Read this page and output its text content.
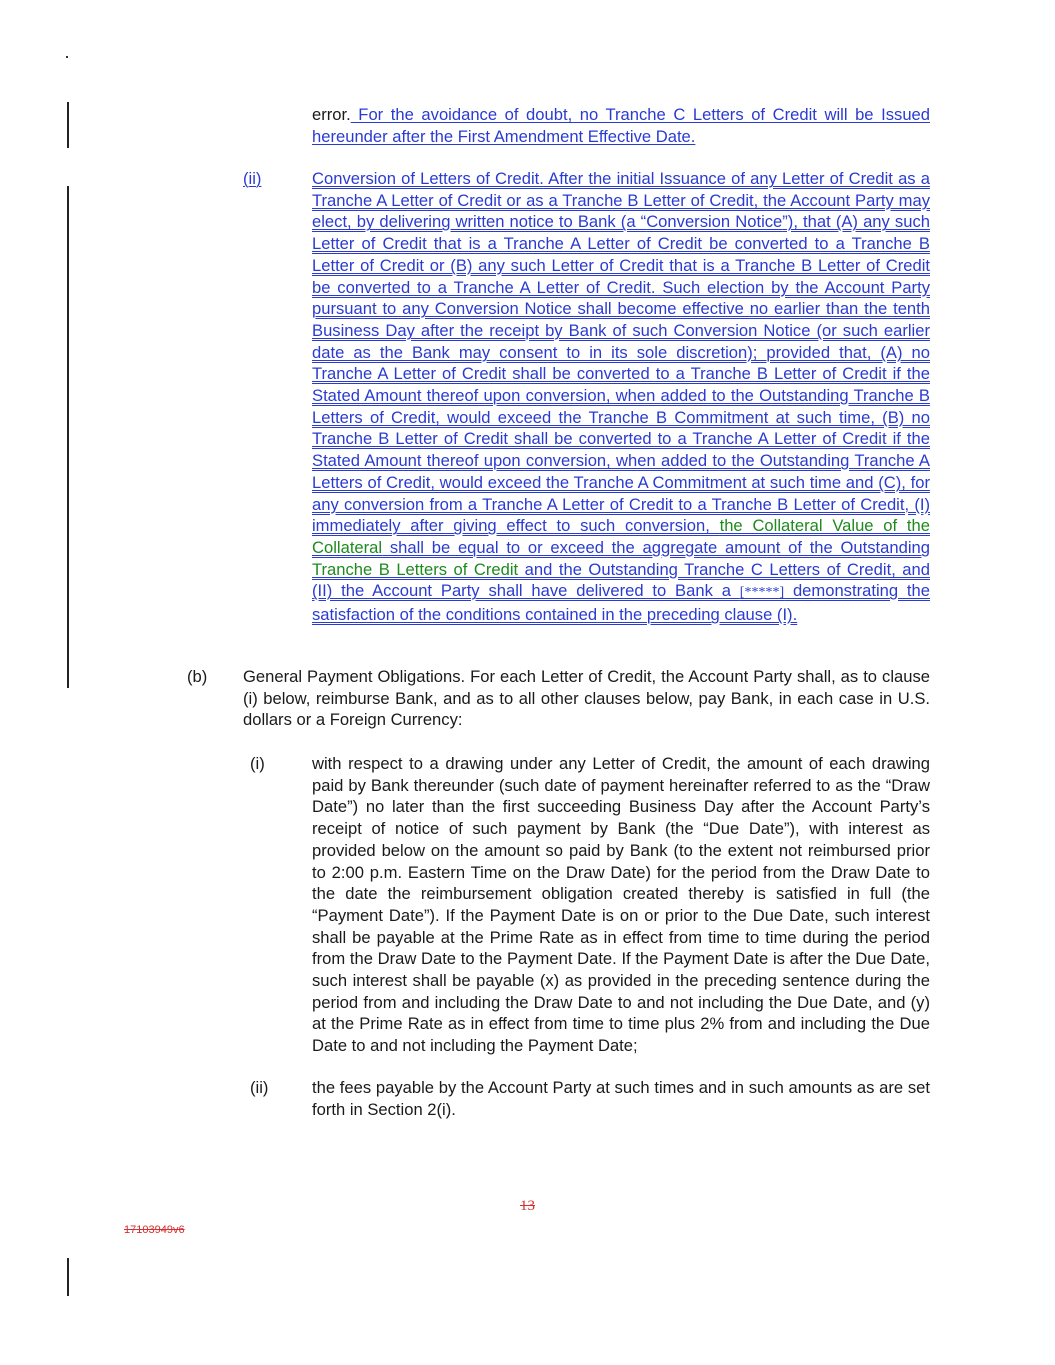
error. For the avoidance of doubt, no Tranche C Letters of Credit will be Issued hereunder after the First Amendment Effective Date.
(ii)	Conversion of Letters of Credit. After the initial Issuance of any Letter of Credit as a Tranche A Letter of Credit or as a Tranche B Letter of Credit, the Account Party may elect, by delivering written notice to Bank (a “Conversion Notice”), that (A) any such Letter of Credit that is a Tranche A Letter of Credit be converted to a Tranche B Letter of Credit or (B) any such Letter of Credit that is a Tranche B Letter of Credit be converted to a Tranche A Letter of Credit. Such election by the Account Party pursuant to any Conversion Notice shall become effective no earlier than the tenth Business Day after the receipt by Bank of such Conversion Notice (or such earlier date as the Bank may consent to in its sole discretion); provided that, (A) no Tranche A Letter of Credit shall be converted to a Tranche B Letter of Credit if the Stated Amount thereof upon conversion, when added to the Outstanding Tranche B Letters of Credit, would exceed the Tranche B Commitment at such time, (B) no Tranche B Letter of Credit shall be converted to a Tranche A Letter of Credit if the Stated Amount thereof upon conversion, when added to the Outstanding Tranche A Letters of Credit, would exceed the Tranche A Commitment at such time and (C), for any conversion from a Tranche A Letter of Credit to a Tranche B Letter of Credit, (I) immediately after giving effect to such conversion, the Collateral Value of the Collateral shall be equal to or exceed the aggregate amount of the Outstanding Tranche B Letters of Credit and the Outstanding Tranche C Letters of Credit, and (II) the Account Party shall have delivered to Bank a [*****] demonstrating the satisfaction of the conditions contained in the preceding clause (I).
(b) General Payment Obligations. For each Letter of Credit, the Account Party shall, as to clause (i) below, reimburse Bank, and as to all other clauses below, pay Bank, in each case in U.S. dollars or a Foreign Currency:
(i)	with respect to a drawing under any Letter of Credit, the amount of each drawing paid by Bank thereunder (such date of payment hereinafter referred to as the “Draw Date”) no later than the first succeeding Business Day after the Account Party’s receipt of notice of such payment by Bank (the “Due Date”), with interest as provided below on the amount so paid by Bank (to the extent not reimbursed prior to 2:00 p.m. Eastern Time on the Draw Date) for the period from the Draw Date to the date the reimbursement obligation created thereby is satisfied in full (the “Payment Date”). If the Payment Date is on or prior to the Due Date, such interest shall be payable at the Prime Rate as in effect from time to time during the period from the Draw Date to the Payment Date. If the Payment Date is after the Due Date, such interest shall be payable (x) as provided in the preceding sentence during the period from and including the Draw Date to and not including the Due Date, and (y) at the Prime Rate as in effect from time to time plus 2% from and including the Due Date to and not including the Payment Date;
(ii)	the fees payable by the Account Party at such times and in such amounts as are set forth in Section 2(i).
13
17103949v6
